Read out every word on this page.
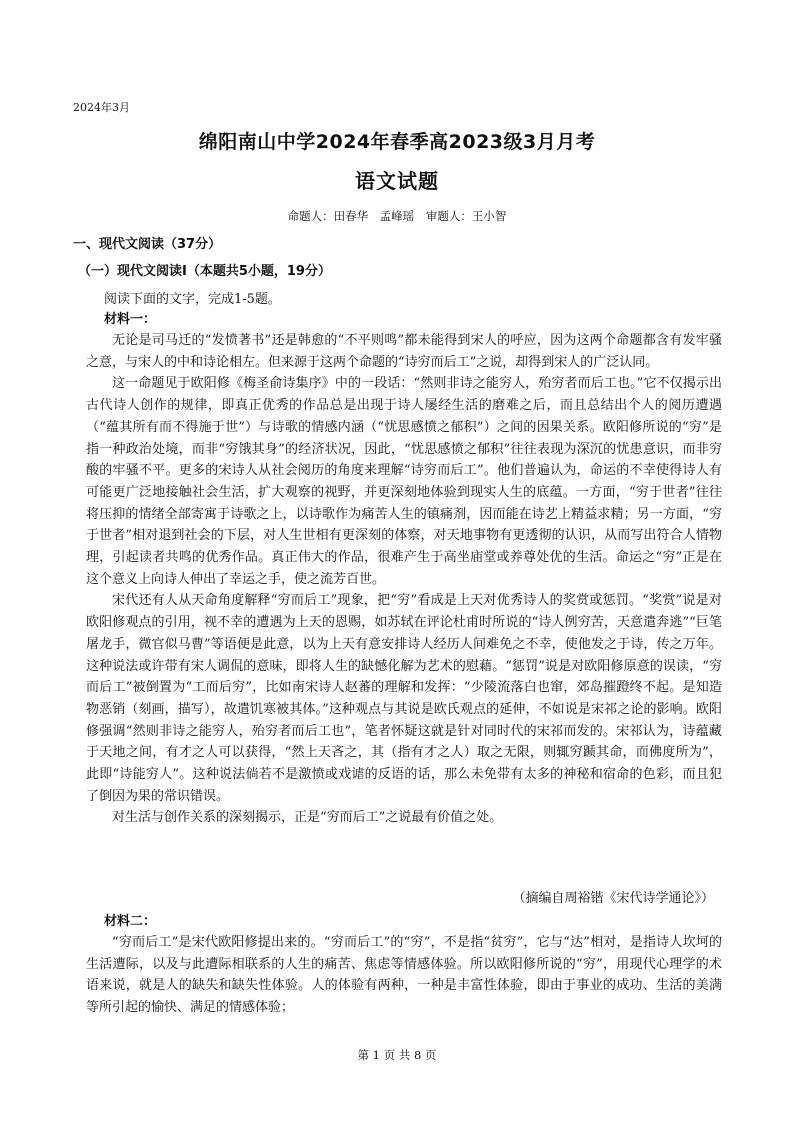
2024年3月
绵阳南山中学2024年春季高2023级3月月考
语文试题
命题人：田春华　孟峰瑶 审题人：王小智
一、现代文阅读（37分）
（一）现代文阅读Ⅰ（本题共5小题，19分）
阅读下面的文字，完成1-5题。
材料一：

无论是司马迁的“发愤著书”还是韩愈的“不平则鸣”都未能得到宋人的呼应，因为这两个命题都含有发牢骚之意，与宋人的中和诗论相左。但来源于这两个命题的“诗穷而后工”之说，却得到宋人的广泛认同。

这一命题见于欧阳修《梅圣俞诗集序》中的一段话：“然则非诗之能穷人，殆穷者而后工也。”它不仅揭示出古代诗人创作的规律，即真正优秀的作品总是出现于诗人屡经生活的磨难之后，而且总结出个人的阅历遭遇（“蕴其所有而不得施于世”）与诗歌的情感内涵（“忧思感愤之郁积”）之间的因果关系。欧阳修所说的“穷”是指一种政治处境，而非“穷饿其身”的经济状况，因此，“忧思感愤之郁积”往往表现为深沉的忧患意识，而非穷酸的牢骚不平。更多的宋诗人从社会阅历的角度来理解“诗穷而后工”。他们普遍认为，命运的不幸使得诗人有可能更广泛地接触社会生活，扩大观察的视野，并更深刻地体验到现实人生的底蕴。一方面，“穷于世者”往往将压抑的情绪全部寄寓于诗歌之上，以诗歌作为痛苦人生的镇痛剂，因而能在诗艺上精益求精；另一方面，“穷于世者”相对退到社会的下层，对人生世相有更深刻的体察，对天地事物有更透彻的认识，从而写出符合人情物理，引起读者共鸣的优秀作品。真正伟大的作品，很难产生于高坐庙堂或养尊处优的生活。命运之“穷”正是在这个意义上向诗人伸出了幸运之手，使之流芳百世。

宋代还有人从天命角度解释“穷而后工”现象，把“穷”看成是上天对优秀诗人的奖赏或惩罚。“奖赏”说是对欧阳修观点的引用，视不幸的遭遇为上天的恩赐，如苏轼在评论杜甫时所说的“诗人例穷苦，天意遣奔逃”“巨笔屠龙手，微官似马曹”等语便是此意，以为上天有意安排诗人经历人间难免之不幸，使他发之于诗，传之万年。这种说法或许带有宋人调侃的意味，即将人生的缺憾化解为艺术的慰藉。“惩罚”说是对欧阳修原意的误读，“穷而后工”被倒置为“工而后穷”，比如南宋诗人赵蕃的理解和发挥：“少陵流落白也窜，郊岛摧蹬终不起。是知造物恶销（刻画，描写），故遣饥寒被其体。”这种观点与其说是欧氏观点的延伸，不如说是宋祁之论的影响。欧阳修强调“然则非诗之能穷人，殆穷者而后工也”，笔者怀疑这就是针对同时代的宋祁而发的。宋祁认为，诗蕴藏于天地之间，有才之人可以获得，“然上天吝之，其（指有才之人）取之无限，则辄穷踬其命，而佛度所为”，此即“诗能穷人”。这种说法倘若不是激愤或戏谑的反语的话，那么未免带有太多的神秘和宿命的色彩，而且犯了倒因为果的常识错误。

对生活与创作关系的深刻揭示，正是“穷而后工”之说最有价值之处。

（摘编自周裕锴《宋代诗学通论》）
材料二：

“穷而后工”是宋代欧阳修提出来的。“穷而后工”的“穷”，不是指“贫穷”，它与“达”相对，是指诗人坎坷的生活遭际，以及与此遭际相联系的人生的痛苦、焦虑等情感体验。所以欧阳修所说的“穷”，用现代心理学的术语来说，就是人的缺失和缺失性体验。人的体验有两种，一种是丰富性体验，即由于事业的成功、生活的美满等所引起的愉快、满足的情感体验；

第 1 页 共 8 页
